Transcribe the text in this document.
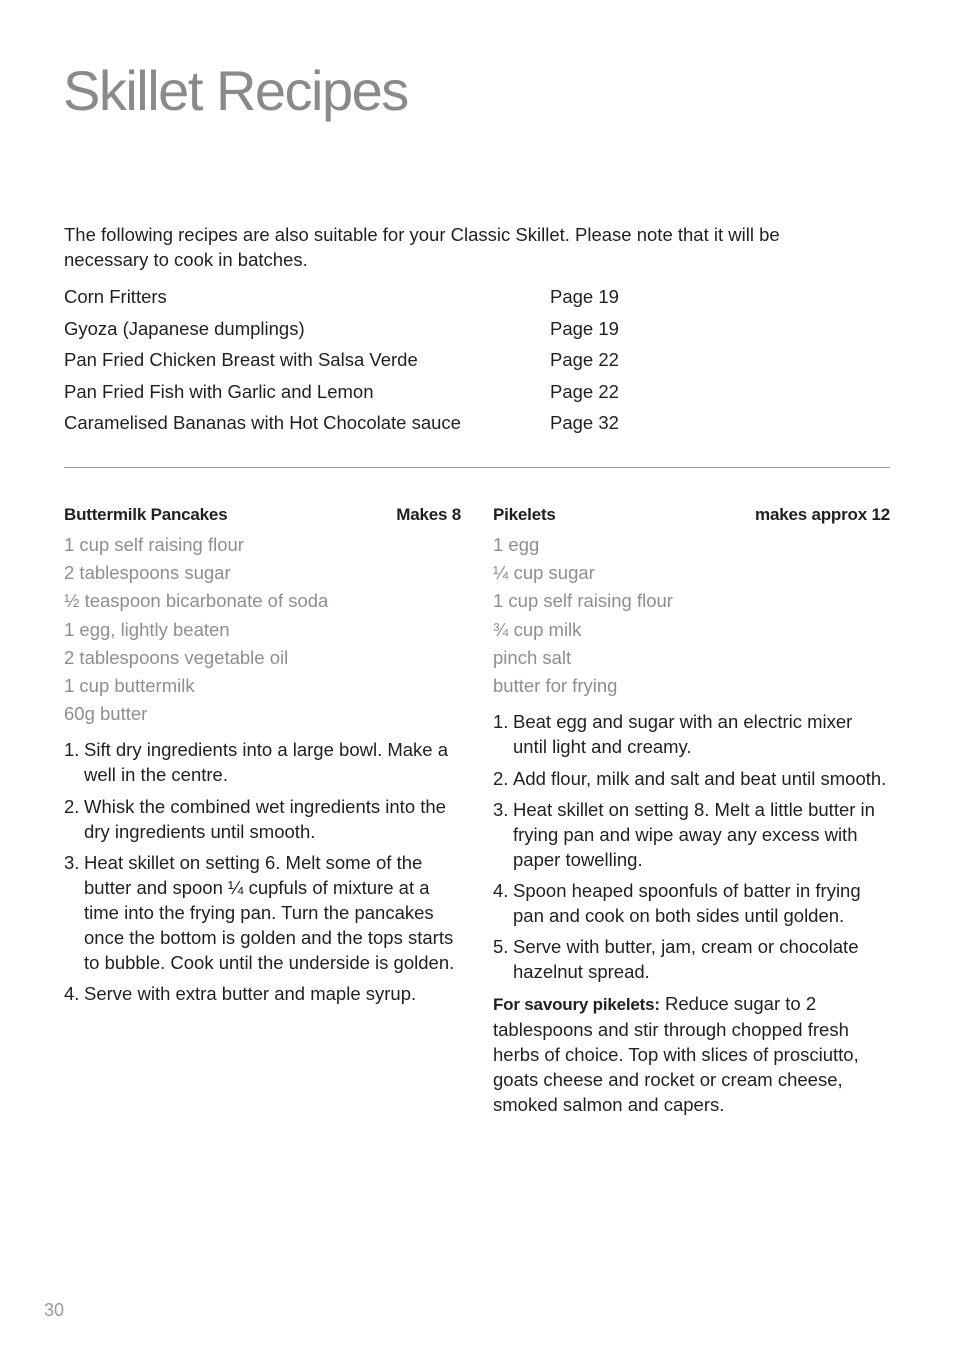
Skillet Recipes

The following recipes are also suitable for your Classic Skillet. Please note that it will be necessary to cook in batches.

Corn Fritters	Page 19
Gyoza (Japanese dumplings)	Page 19
Pan Fried Chicken Breast with Salsa Verde	Page 22
Pan Fried Fish with Garlic and Lemon	Page 22
Caramelised Bananas with Hot Chocolate sauce	Page 32
Buttermilk Pancakes	Makes 8
1 cup self raising flour
2 tablespoons sugar
½ teaspoon bicarbonate of soda
1 egg, lightly beaten
2 tablespoons vegetable oil
1 cup buttermilk
60g butter
1. Sift dry ingredients into a large bowl. Make a well in the centre.
2. Whisk the combined wet ingredients into the dry ingredients until smooth.
3. Heat skillet on setting 6. Melt some of the butter and spoon ¼ cupfuls of mixture at a time into the frying pan. Turn the pancakes once the bottom is golden and the tops starts to bubble. Cook until the underside is golden.
4. Serve with extra butter and maple syrup.
Pikelets	makes approx 12
1 egg
¼ cup sugar
1 cup self raising flour
¾ cup milk
pinch salt
butter for frying
1. Beat egg and sugar with an electric mixer until light and creamy.
2. Add flour, milk and salt and beat until smooth.
3. Heat skillet on setting 8. Melt a little butter in frying pan and wipe away any excess with paper towelling.
4. Spoon heaped spoonfuls of batter in frying pan and cook on both sides until golden.
5. Serve with butter, jam, cream or chocolate hazelnut spread.

For savoury pikelets: Reduce sugar to 2 tablespoons and stir through chopped fresh herbs of choice. Top with slices of prosciutto, goats cheese and rocket or cream cheese, smoked salmon and capers.

30
